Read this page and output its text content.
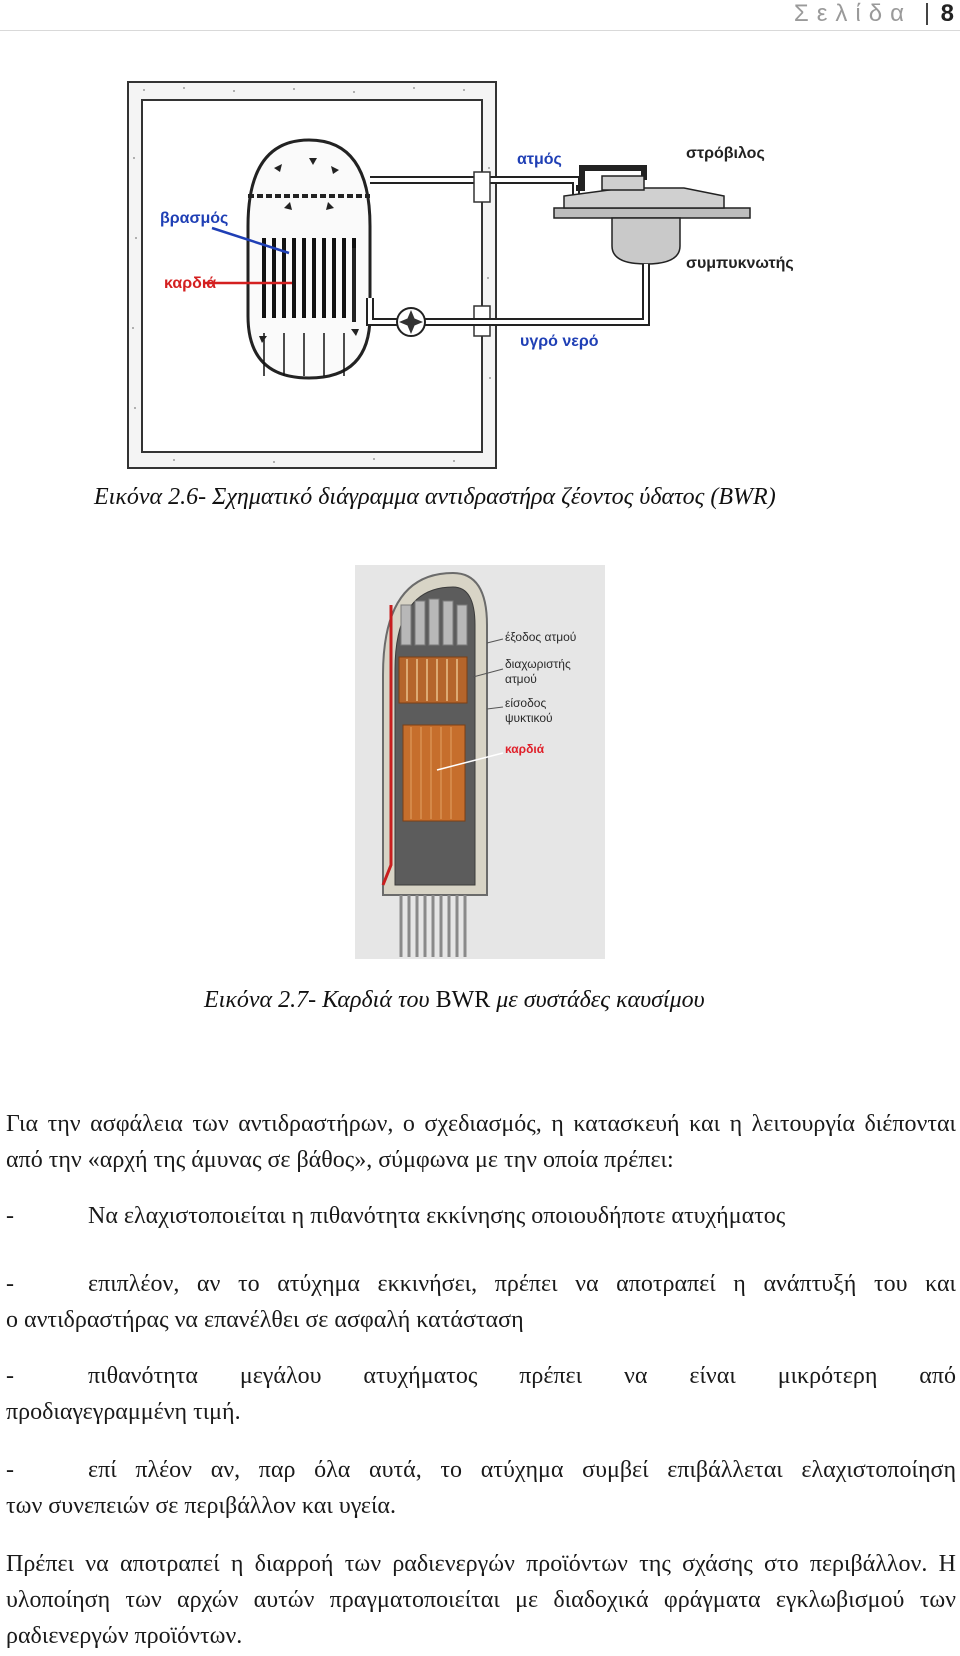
Σελίδα 8
βρασμός
καρδιά
ατμός	στρόβιλος
συμπυκνωτής
υγρό νερό
Εικόνα 2.6- Σχηματικό διάγραμμα αντιδραστήρα ζέοντος ύδατος (BWR)
έξοδος ατμού
διαχωριστής
ατμού
είσοδος
ψυκτικού
καρδιά
Εικόνα 2.7- Καρδιά του BWR με συστάδες καυσίμου

Για την ασφάλεια των αντιδραστήρων, ο σχεδιασμός, η κατασκευή και η λειτουργία διέπονται από την «αρχή της άμυνας σε βάθος», σύμφωνα με την οποία πρέπει:

-	Να ελαχιστοποιείται η πιθανότητα εκκίνησης οποιουδήποτε ατυχήματος
-	επιπλέον, αν το ατύχημα εκκινήσει, πρέπει να αποτραπεί η ανάπτυξή του και
ο αντιδραστήρας να επανέλθει σε ασφαλή κατάσταση
-	πιθανότητα μεγάλου ατυχήματος πρέπει να είναι μικρότερη από
προδιαγεγραμμένη τιμή.
-	επί πλέον αν, παρ όλα αυτά, το ατύχημα συμβεί επιβάλλεται ελαχιστοποίηση
των συνεπειών σε περιβάλλον και υγεία.

Πρέπει να αποτραπεί η διαρροή των ραδιενεργών προϊόντων της σχάσης στο περιβάλλον. Η υλοποίηση των αρχών αυτών πραγματοποιείται με διαδοχικά φράγματα εγκλωβισμού των ραδιενεργών προϊόντων.
